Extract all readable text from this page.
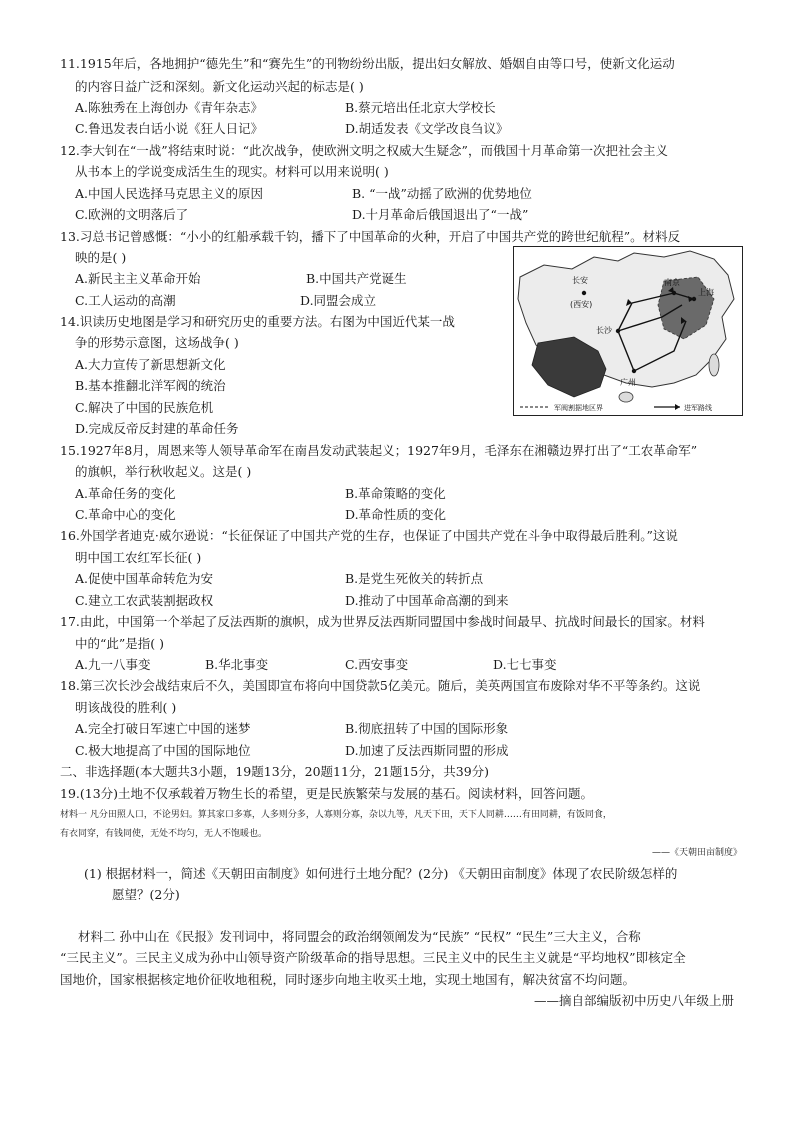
11.1915年后，各地拥护“德先生”和“赛先生”的刊物纷纷出版，提出妇女解放、婚姻自由等口号，使新文化运动
的内容日益广泛和深刻。新文化运动兴起的标志是( )
A.陈独秀在上海创办《青年杂志》	B.蔡元培出任北京大学校长
C.鲁迅发表白话小说《狂人日记》	D.胡适发表《文学改良刍议》
12.李大钊在“一战”将结束时说：“此次战争，使欧洲文明之权威大生疑念”，而俄国十月革命第一次把社会主义
从书本上的学说变成活生生的现实。材料可以用来说明( )
A.中国人民选择马克思主义的原因	B. “一战”动摇了欧洲的优势地位
C.欧洲的文明落后了	D.十月革命后俄国退出了“一战”
13.习总书记曾感慨：“小小的红船承载千钧，播下了中国革命的火种，开启了中国共产党的跨世纪航程”。材料反
映的是( )
A.新民主主义革命开始	B.中国共产党诞生
C.工人运动的高潮	D.同盟会成立
14.识读历史地图是学习和研究历史的重要方法。右图为中国近代某一战
争的形势示意图，这场战争( )
A.大力宣传了新思想新文化
B.基本推翻北洋军阀的统治
C.解决了中国的民族危机
D.完成反帝反封建的革命任务
长安
(西安)
南京
长沙
广州
上海
军阀割据地区界	进军路线
15.1927年8月，周恩来等人领导革命军在南昌发动武装起义；1927年9月，毛泽东在湘赣边界打出了“工农革命军”
的旗帜，举行秋收起义。这是( )
A.革命任务的变化	B.革命策略的变化
C.革命中心的变化	D.革命性质的变化
16.外国学者迪克·威尔逊说：“长征保证了中国共产党的生存，也保证了中国共产党在斗争中取得最后胜利。”这说
明中国工农红军长征( )
A.促使中国革命转危为安	B.是党生死攸关的转折点
C.建立工农武装割据政权	D.推动了中国革命高潮的到来
17.由此，中国第一个举起了反法西斯的旗帜，成为世界反法西斯同盟国中参战时间最早、抗战时间最长的国家。材料
中的“此”是指( )
A.九一八事变	B.华北事变	C.西安事变	D.七七事变
18.第三次长沙会战结束后不久，美国即宣布将向中国贷款5亿美元。随后，美英两国宣布废除对华不平等条约。这说
明该战役的胜利( )
A.完全打破日军速亡中国的迷梦	B.彻底扭转了中国的国际形象
C.极大地提高了中国的国际地位	D.加速了反法西斯同盟的形成
二、非选择题(本大题共3小题，19题13分，20题11分，21题15分，共39分)
19.(13分)土地不仅承载着万物生长的希望，更是民族繁荣与发展的基石。阅读材料，回答问题。
材料一 凡分田照人口，不论男妇。算其家口多寡，人多则分多，人寡则分寡，杂以九等，凡天下田，天下人同耕……有田同耕，有饭同食，
有衣同穿，有钱同使，无处不均匀，无人不饱暖也。
——《天朝田亩制度》
(1) 根据材料一，简述《天朝田亩制度》如何进行土地分配？(2分) 《天朝田亩制度》体现了农民阶级怎样的
愿望？(2分)
材料二 孙中山在《民报》发刊词中，将同盟会的政治纲领阐发为“民族” “民权” “民生”三大主义，合称
“三民主义”。三民主义成为孙中山领导资产阶级革命的指导思想。三民主义中的民生主义就是“平均地权”即核定全
国地价，国家根据核定地价征收地租税，同时逐步向地主收买土地，实现土地国有，解决贫富不均问题。
——摘自部编版初中历史八年级上册
